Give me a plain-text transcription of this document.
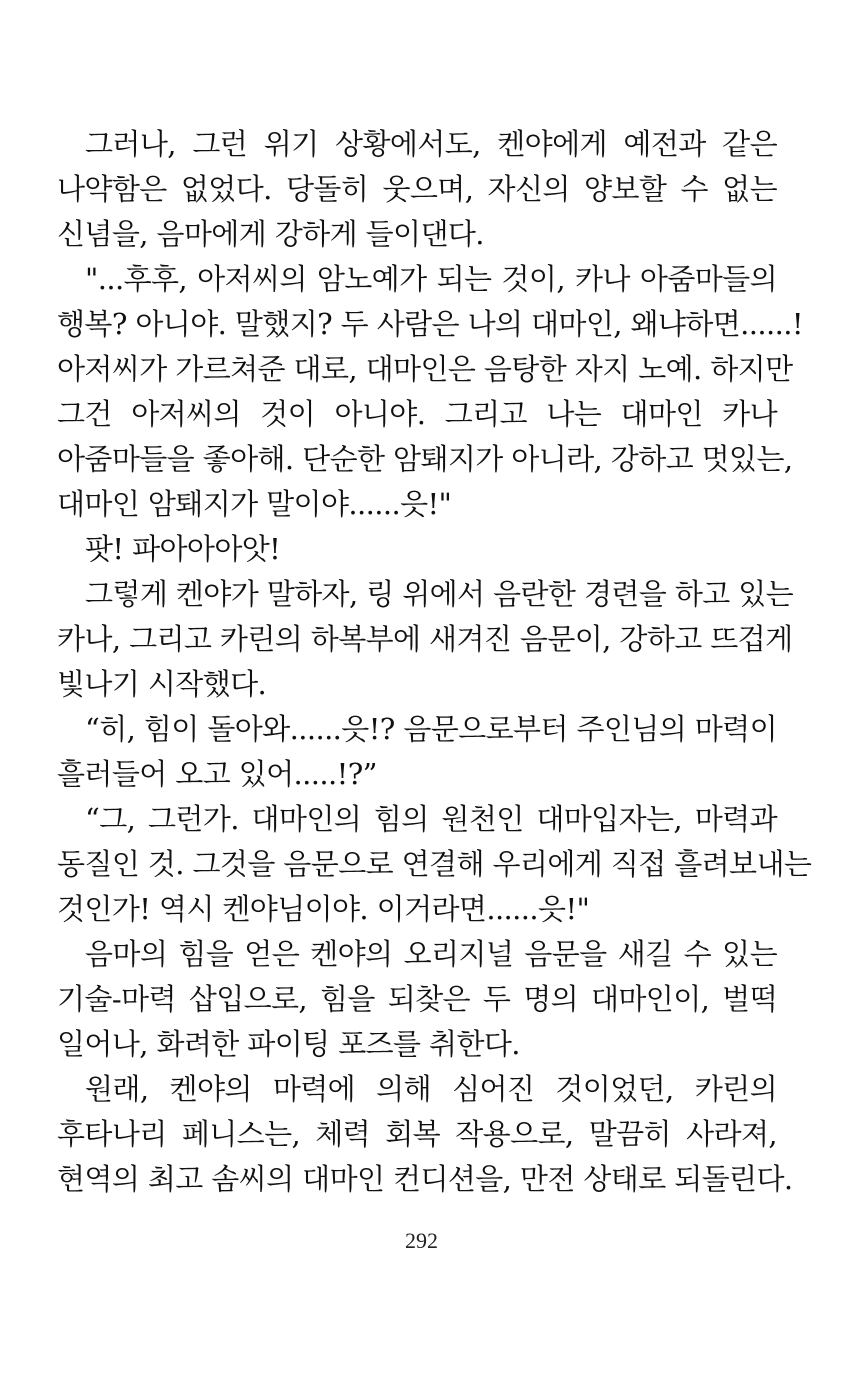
그러나, 그런 위기 상황에서도, 켄야에게 예전과 같은
나약함은 없었다. 당돌히 웃으며, 자신의 양보할 수 없는
신념을, 음마에게 강하게 들이댄다.
"...후후, 아저씨의 암노예가 되는 것이, 카나 아줌마들의
행복? 아니야. 말했지? 두 사람은 나의 대마인, 왜냐하면......!
아저씨가 가르쳐준 대로, 대마인은 음탕한 자지 노예. 하지만
그건 아저씨의 것이 아니야. 그리고 나는 대마인 카나
아줌마들을 좋아해. 단순한 암퇘지가 아니라, 강하고 멋있는,
대마인 암퇘지가 말이야......읏!"
팟! 파아아아앗!
그렇게 켄야가 말하자, 링 위에서 음란한 경련을 하고 있는
카나, 그리고 카린의 하복부에 새겨진 음문이, 강하고 뜨겁게
빛나기 시작했다.
“히, 힘이 돌아와......읏!? 음문으로부터 주인님의 마력이
흘러들어 오고 있어.....!?”
“그, 그런가. 대마인의 힘의 원천인 대마입자는, 마력과
동질인 것. 그것을 음문으로 연결해 우리에게 직접 흘려보내는
것인가! 역시 켄야님이야. 이거라면......읏!"
음마의 힘을 얻은 켄야의 오리지널 음문을 새길 수 있는
기술-마력 삽입으로, 힘을 되찾은 두 명의 대마인이, 벌떡
일어나, 화려한 파이팅 포즈를 취한다.
원래, 켄야의 마력에 의해 심어진 것이었던, 카린의
후타나리 페니스는, 체력 회복 작용으로, 말끔히 사라져,
현역의 최고 솜씨의 대마인 컨디션을, 만전 상태로 되돌린다.
292
